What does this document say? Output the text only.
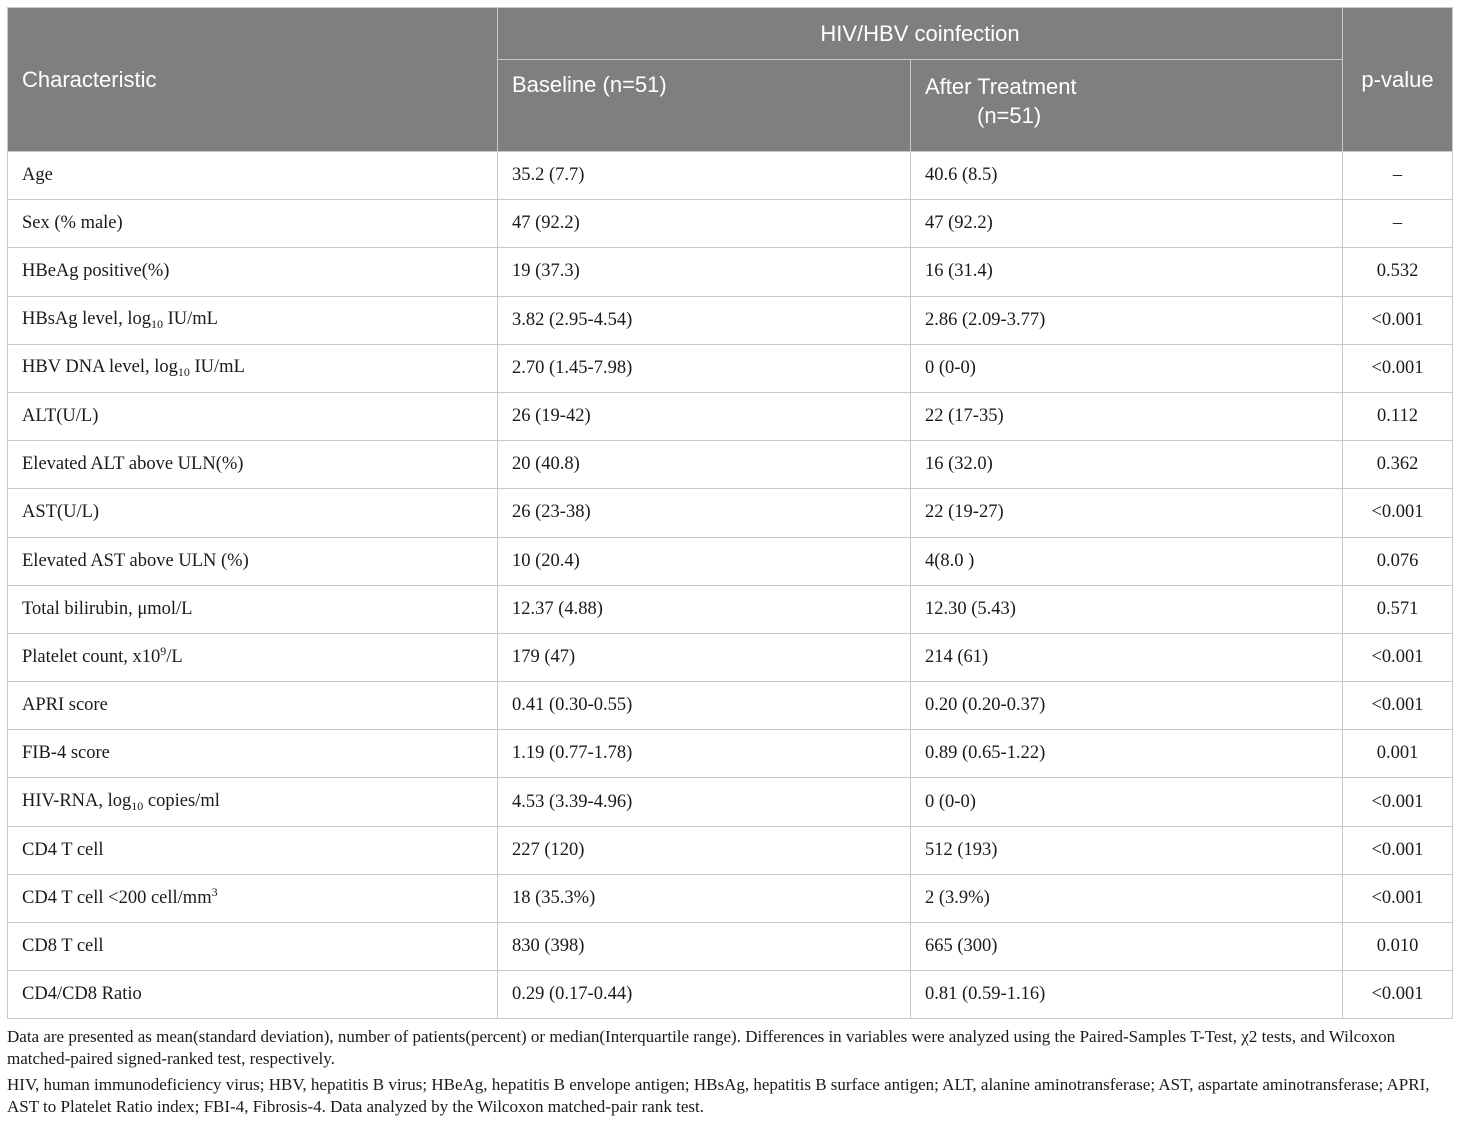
Characteristic	HIV/HBV coinfection		p-value
	Baseline (n=51)	After Treatment
(n=51)	

Age	35.2 (7.7)	40.6 (8.5)	–
Sex (% male)	47 (92.2)	47 (92.2)	–
HBeAg positive(%)	19 (37.3)	16 (31.4)	0.532
HBsAg level, $\log_{10} IU/mL$	3.82 (2.95-4.54)	2.86 (2.09-3.77)	<0.001
HBV DNA level, $\log_{10} IU/mL$	2.70 (1.45-7.98)	0 (0-0)	<0.001
ALT(U/L)	26 (19-42)	22 (17-35)	0.112
Elevated ALT above ULN(%)	20 (40.8)	16 (32.0)	0.362
AST(U/L)	26 (23-38)	22 (19-27)	<0.001
Elevated AST above ULN (%)	10 (20.4)	4(8.0 )	0.076
Total bilirubin, μmol/L	12.37 (4.88)	12.30 (5.43)	0.571
Platelet count, $x10^9/L$	179 (47)	214 (61)	<0.001
APRI score	0.41 (0.30-0.55)	0.20 (0.20-0.37)	<0.001
FIB-4 score	1.19 (0.77-1.78)	0.89 (0.65-1.22)	0.001
HIV-RNA, $\log_{10}$ copies/ml	4.53 (3.39-4.96)	0 (0-0)	<0.001
CD4 T cell	227 (120)	512 (193)	<0.001
CD4 T cell <200 cell/$mm^3$	18 (35.3%)	2 (3.9%)	<0.001
CD8 T cell	830 (398)	665 (300)	0.010
CD4/CD8 Ratio	0.29 (0.17-0.44)	0.81 (0.59-1.16)	<0.001

Data are presented as mean(standard deviation), number of patients(percent) or median(Interquartile range). Differences in variables were analyzed using the Paired-Samples T-Test, χ2 tests, and Wilcoxon matched-paired signed-ranked test, respectively.

HIV, human immunodeficiency virus; HBV, hepatitis B virus; HBeAg, hepatitis B envelope antigen; HBsAg, hepatitis B surface antigen; ALT, alanine aminotransferase; AST, aspartate aminotransferase; APRI, AST to Platelet Ratio index; FBI-4, Fibrosis-4. Data analyzed by the Wilcoxon matched-pair rank test.
